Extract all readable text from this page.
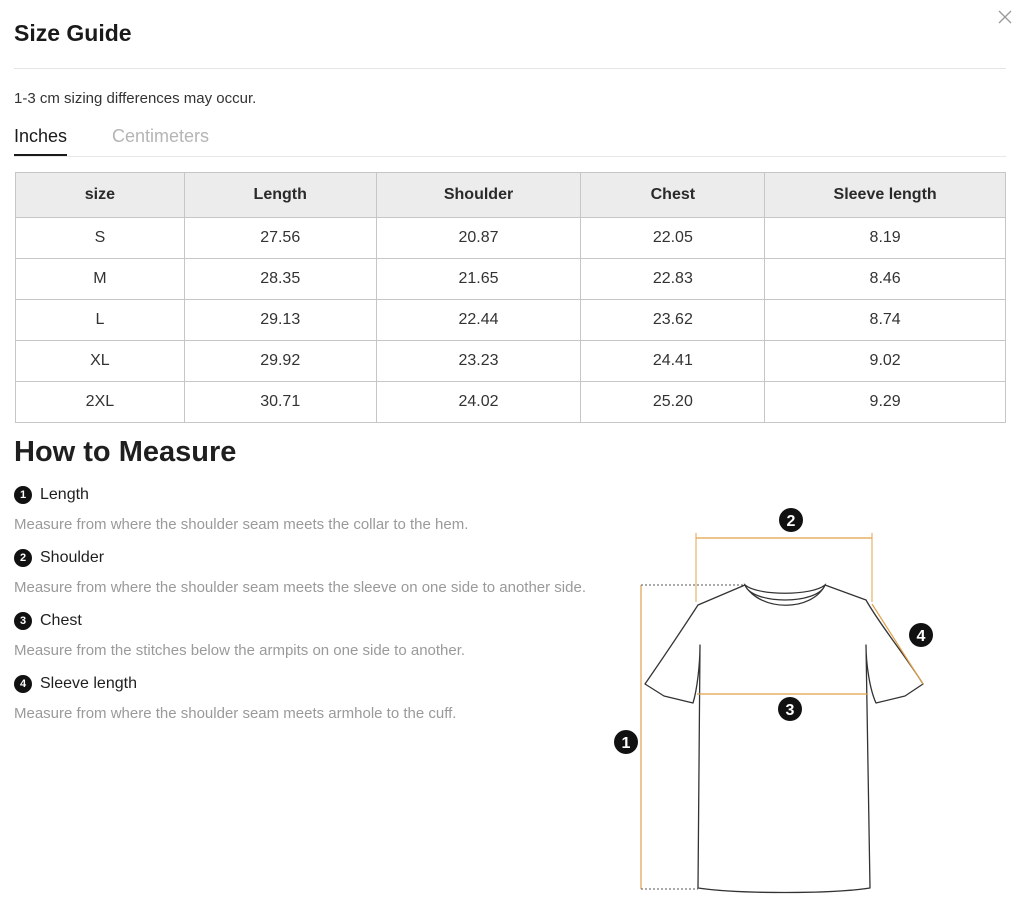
Size Guide
1-3 cm sizing differences may occur.
Inches Centimeters
size	Length	Shoulder	Chest	Sleeve length
S	27.56	20.87	22.05	8.19
M	28.35	21.65	22.83	8.46
L	29.13	22.44	23.62	8.74
XL	29.92	23.23	24.41	9.02
2XL	30.71	24.02	25.20	9.29
How to Measure
1 Length
Measure from where the shoulder seam meets the collar to the hem.
2 Shoulder
Measure from where the shoulder seam meets the sleeve on one side to another side.
3 Chest
Measure from the stitches below the armpits on one side to another.
4 Sleeve length
Measure from where the shoulder seam meets armhole to the cuff.
2
4
3
1
